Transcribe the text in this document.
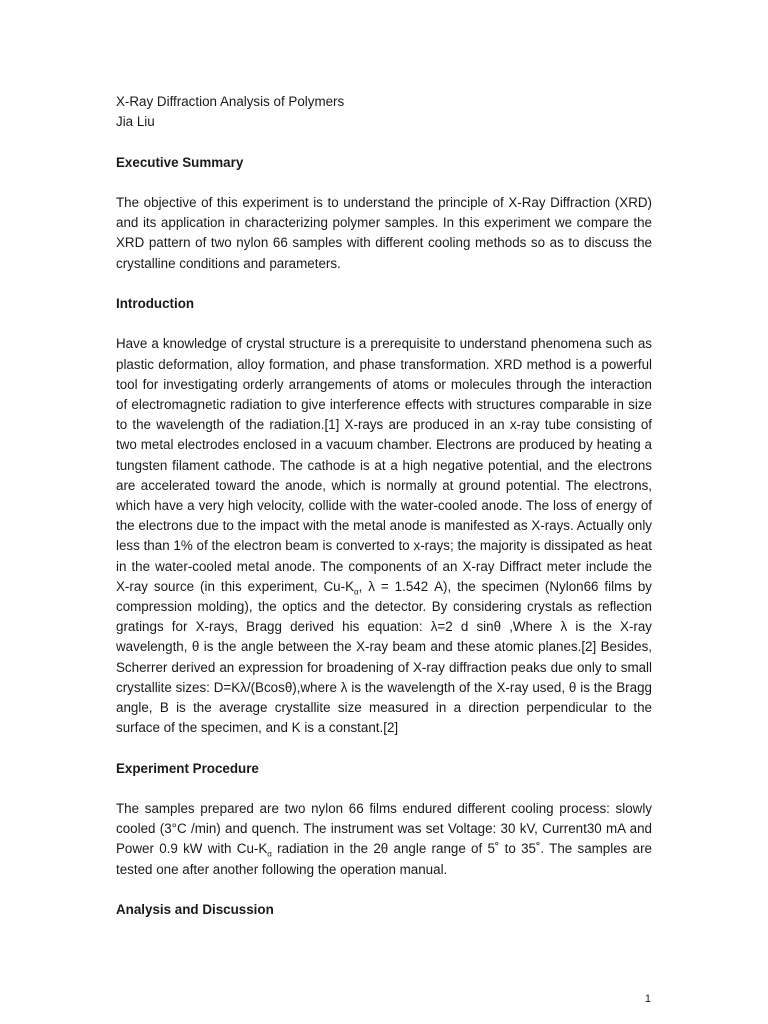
X-Ray Diffraction Analysis of Polymers
Jia Liu
Executive Summary
The objective of this experiment is to understand the principle of X-Ray Diffraction (XRD) and its application in characterizing polymer samples. In this experiment we compare the XRD pattern of two nylon 66 samples with different cooling methods so as to discuss the crystalline conditions and parameters.
Introduction
Have a knowledge of crystal structure is a prerequisite to understand phenomena such as plastic deformation, alloy formation, and phase transformation. XRD method is a powerful tool for investigating orderly arrangements of atoms or molecules through the interaction of electromagnetic radiation to give interference effects with structures comparable in size to the wavelength of the radiation.[1] X-rays are produced in an x-ray tube consisting of two metal electrodes enclosed in a vacuum chamber. Electrons are produced by heating a tungsten filament cathode. The cathode is at a high negative potential, and the electrons are accelerated toward the anode, which is normally at ground potential. The electrons, which have a very high velocity, collide with the water-cooled anode. The loss of energy of the electrons due to the impact with the metal anode is manifested as X-rays. Actually only less than 1% of the electron beam is converted to x-rays; the majority is dissipated as heat in the water-cooled metal anode. The components of an X-ray Diffract meter include the X-ray source (in this experiment, $Cu-K_\alpha$, λ = 1.542 A), the specimen (Nylon66 films by compression molding), the optics and the detector. By considering crystals as reflection gratings for X-rays, Bragg derived his equation: λ=2 d sinθ ,Where λ is the X-ray wavelength, θ is the angle between the X-ray beam and these atomic planes.[2] Besides, Scherrer derived an expression for broadening of X-ray diffraction peaks due only to small crystallite sizes: D=Kλ/(Bcosθ),where λ is the wavelength of the X-ray used, θ is the Bragg angle, B is the average crystallite size measured in a direction perpendicular to the surface of the specimen, and K is a constant.[2]
Experiment Procedure
The samples prepared are two nylon 66 films endured different cooling process: slowly cooled (3°C /min) and quench. The instrument was set Voltage: 30 kV, Current30 mA and Power 0.9 kW with $Cu-K_\alpha$ radiation in the 2θ angle range of 5˚ to 35˚. The samples are tested one after another following the operation manual.
Analysis and Discussion
1
